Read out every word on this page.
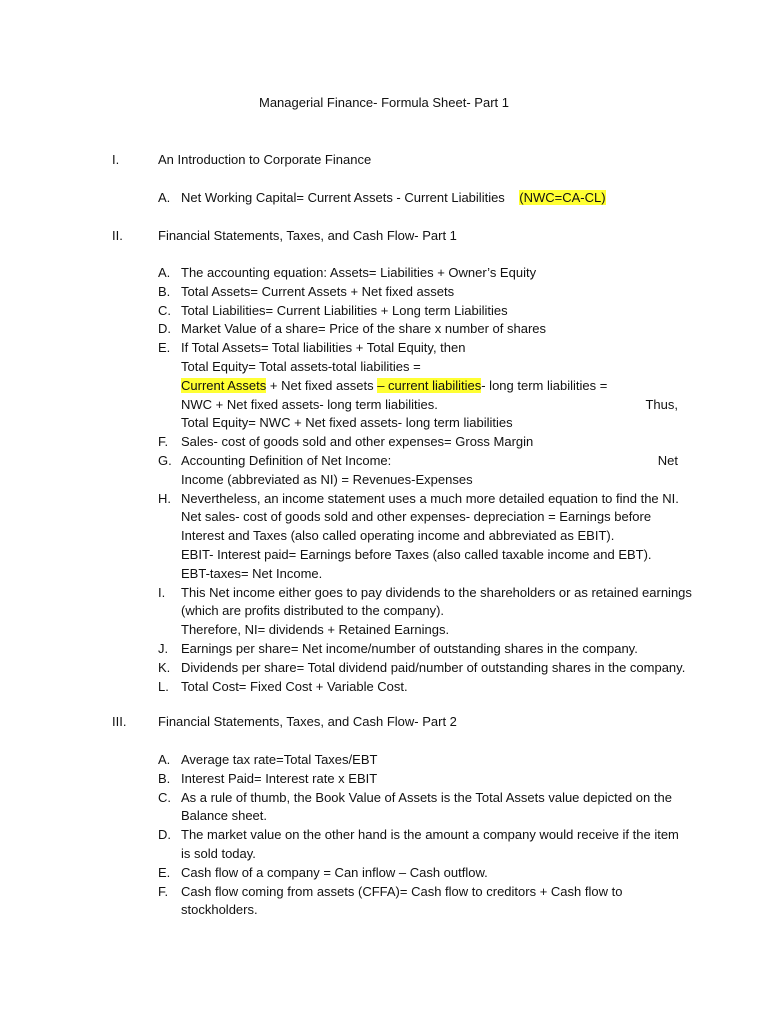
Managerial Finance- Formula Sheet- Part 1
I.	An Introduction to Corporate Finance
A. Net Working Capital= Current Assets - Current Liabilities    (NWC=CA-CL)
II.	Financial Statements, Taxes, and Cash Flow- Part 1
A. The accounting equation: Assets= Liabilities + Owner’s Equity
B. Total Assets= Current Assets + Net fixed assets
C. Total Liabilities= Current Liabilities + Long term Liabilities
D. Market Value of a share= Price of the share x number of shares
E. If Total Assets= Total liabilities + Total Equity, then
Total Equity= Total assets-total liabilities =
Current Assets + Net fixed assets – current liabilities- long term liabilities =
NWC + Net fixed assets- long term liabilities.	Thus,
Total Equity= NWC + Net fixed assets- long term liabilities
F. Sales- cost of goods sold and other expenses= Gross Margin
G. Accounting Definition of Net Income:	Net
Income (abbreviated as NI) = Revenues-Expenses
H. Nevertheless, an income statement uses a much more detailed equation to find the NI.
Net sales- cost of goods sold and other expenses- depreciation = Earnings before
Interest and Taxes (also called operating income and abbreviated as EBIT).
EBIT- Interest paid= Earnings before Taxes (also called taxable income and EBT).
EBT-taxes= Net Income.
I. This Net income either goes to pay dividends to the shareholders or as retained earnings
(which are profits distributed to the company).
Therefore, NI= dividends + Retained Earnings.
J. Earnings per share= Net income/number of outstanding shares in the company.
K. Dividends per share= Total dividend paid/number of outstanding shares in the company.
L. Total Cost= Fixed Cost + Variable Cost.
III. Financial Statements, Taxes, and Cash Flow- Part 2
A. Average tax rate=Total Taxes/EBT
B. Interest Paid= Interest rate x EBIT
C. As a rule of thumb, the Book Value of Assets is the Total Assets value depicted on the
Balance sheet.
D. The market value on the other hand is the amount a company would receive if the item
is sold today.
E. Cash flow of a company = Can inflow – Cash outflow.
F. Cash flow coming from assets (CFFA)= Cash flow to creditors + Cash flow to
stockholders.
